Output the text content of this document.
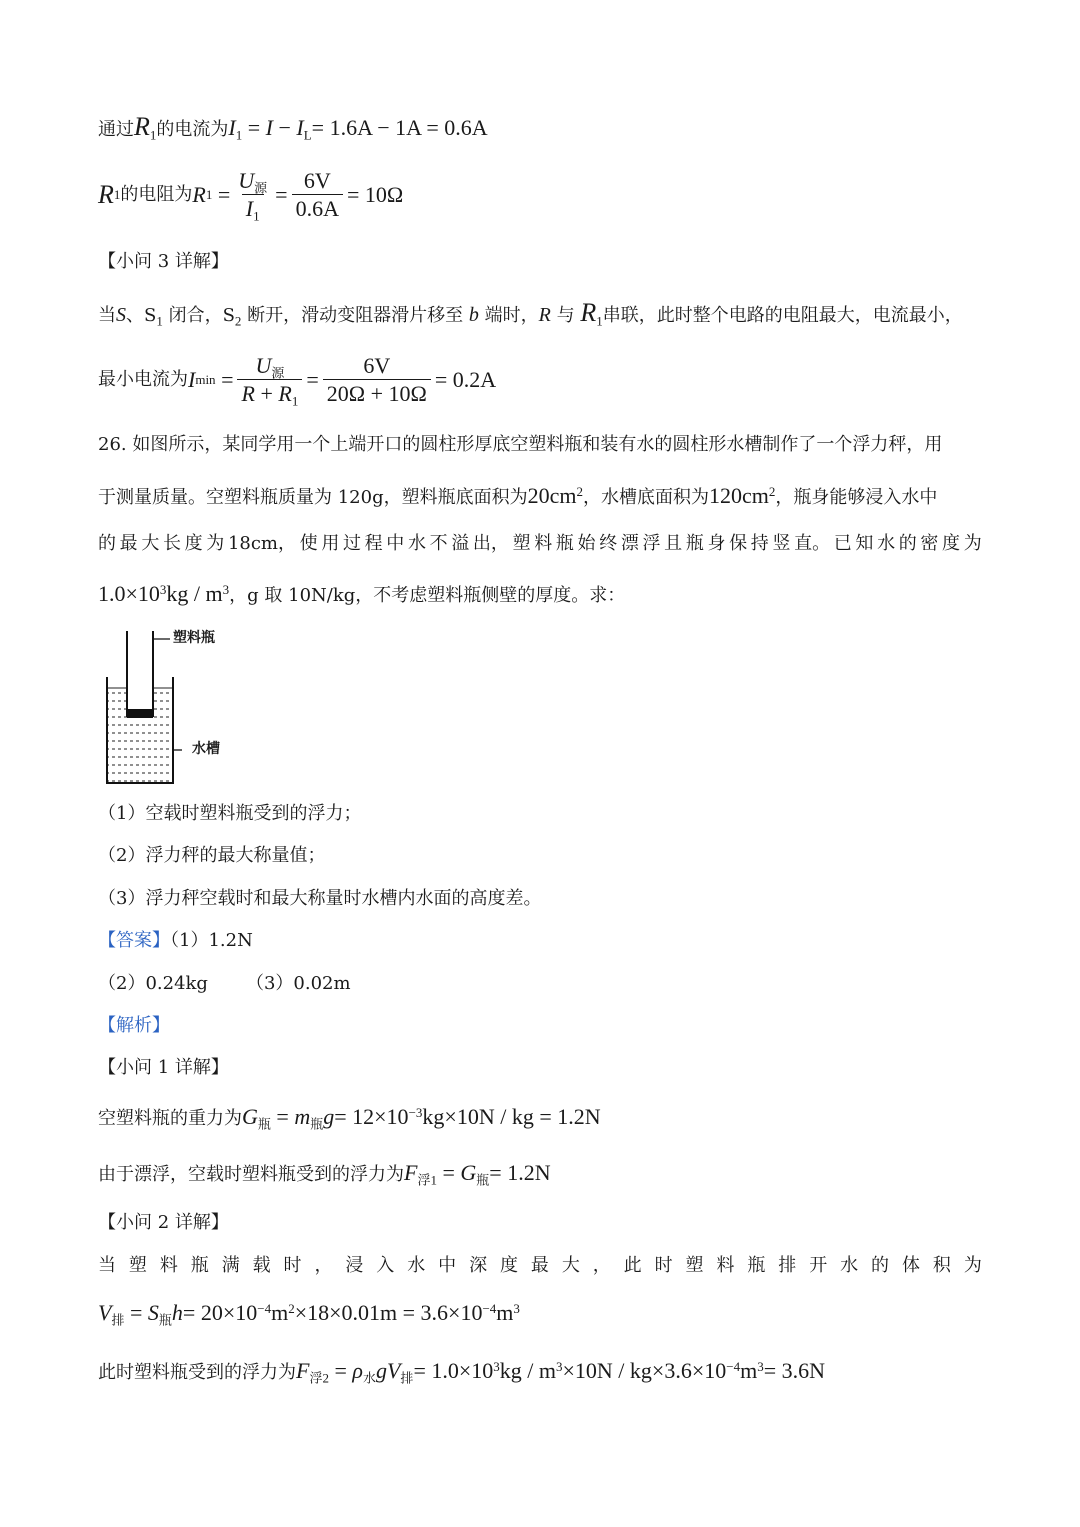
通过$R_1$的电流为$I_1 = I - I_L= 1.6A - 1A = 0.6A$
R 1 的电阻为 R $1 = \frac{U_源}{I_1} = \frac{6V}{0.6A} = 10\Omega$
【小问 3 详解】
当S、$S_1$ 闭合，$S_2$ 断开，滑动变阻器滑片移至 b 端时，R 与 $R_1$串联，此时整个电路的电阻最大，电流最小，
最小电流为 I $\min = \frac{U_源}{R + R_1} = \frac{6V}{20\Omega + 10\Omega} = 0.2A$
26. 如图所示，某同学用一个上端开口的圆柱形厚底空塑料瓶和装有水的圆柱形水槽制作了一个浮力秤，用
于测量质量。空塑料瓶质量为 120g，塑料瓶底面积为$20cm^2$，水槽底面积为$120cm^2$，瓶身能够浸入水中
的 最 大 长 度 为 18cm， 使 用 过 程 中 水 不 溢 出， 塑 料 瓶 始 终 漂 浮 且 瓶 身 保 持 竖 直。 已 知 水 的 密 度 为
$1.0\times 10^3kg / m^3$，g 取 10N/kg，不考虑塑料瓶侧壁的厚度。求：
塑料瓶
水槽
（1）空载时塑料瓶受到的浮力；
（2）浮力秤的最大称量值；
（3）浮力秤空载时和最大称量时水槽内水面的高度差。
【答案】（1）1.2N
（2）0.24kg （3）0.02m
【解析】
【小问 1 详解】
空塑料瓶的重力为$G_瓶 = m_瓶g= 12\times 10^{-3}kg\times 10N$ / kg = 1.2N
由于漂浮，空载时塑料瓶受到的浮力为$F_{浮1} = G_瓶= 1.2N$
【小问 2 详解】
当 塑 料 瓶 满 载 时 ， 浸 入 水 中 深 度 最 大 ， 此 时 塑 料 瓶 排 开 水 的 体 积 为
$V_排 = S_瓶h= 20\times 10^{-4}m^2\times 18\times 0.01m = 3.6\times 10^{-4}m^3$
此时塑料瓶受到的浮力为$F_{浮2} = \rho_水gV_排= 1.0\times 10^3kg / m^3\times 10N / kg\times 3.6\times 10^{-4}m^3= 3.6N$
